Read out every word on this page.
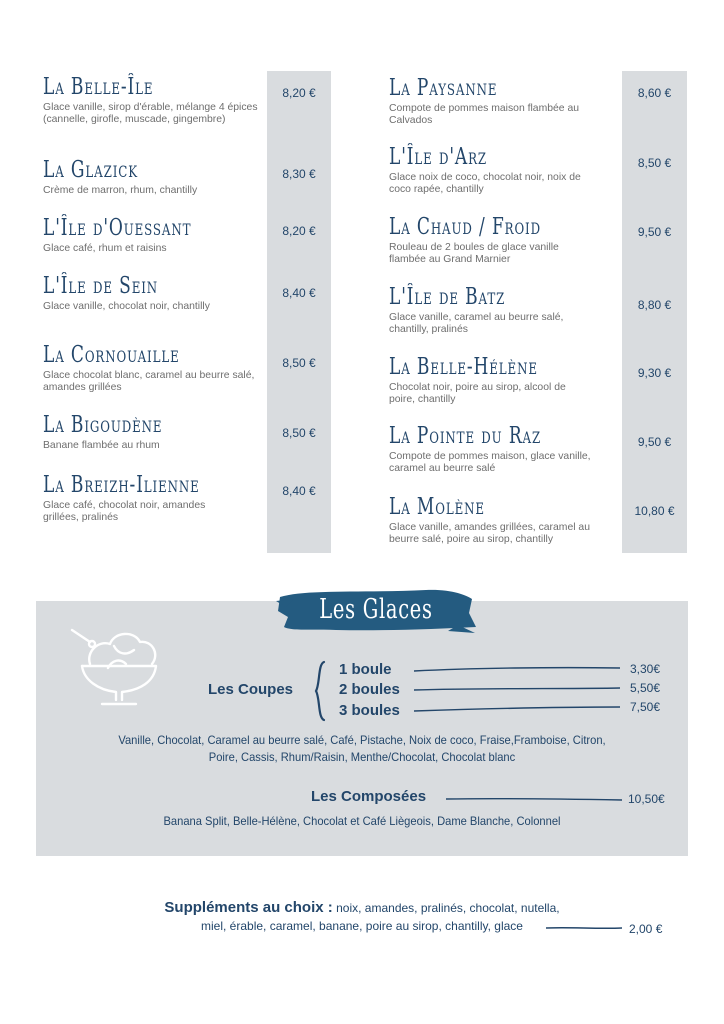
La Belle-Île
Glace vanille, sirop d'érable, mélange 4 épices (cannelle, girofle, muscade, gingembre)
8,20 €
La Glazick
Crème de marron, rhum, chantilly
8,30 €
L'Île d'Ouessant
Glace café, rhum et raisins
8,20 €
L'Île de Sein
Glace vanille, chocolat noir, chantilly
8,40 €
La Cornouaille
Glace chocolat blanc, caramel au beurre salé, amandes grillées
8,50 €
La Bigoudène
Banane flambée au rhum
8,50 €
La Breizh-Ilienne
Glace café, chocolat noir, amandes grillées, pralinés
8,40 €
La Paysanne
Compote de pommes maison flambée au Calvados
8,60 €
L'Île d'Arz
Glace noix de coco, chocolat noir, noix de coco rapée, chantilly
8,50 €
La Chaud / Froid
Rouleau de 2 boules de glace vanille flambée au Grand Marnier
9,50 €
L'Île de Batz
Glace vanille, caramel au beurre salé, chantilly, pralinés
8,80 €
La Belle-Hélène
Chocolat noir, poire au sirop, alcool de poire, chantilly
9,30 €
La Pointe du Raz
Compote de pommes maison, glace vanille, caramel au beurre salé
9,50 €
La Molène
Glace vanille, amandes grillées, caramel au beurre salé, poire au sirop, chantilly
10,80 €
Les Glaces
Les Coupes
1 boule	3,30€
2 boules	5,50€
3 boules	7,50€
Vanille, Chocolat, Caramel au beurre salé, Café, Pistache, Noix de coco, Fraise,Framboise, Citron,
Poire, Cassis, Rhum/Raisin, Menthe/Chocolat, Chocolat blanc
Les Composées	10,50€
Banana Split, Belle-Hélène, Chocolat et Café Liègeois, Dame Blanche, Colonnel
Suppléments au choix : noix, amandes, pralinés, chocolat, nutella,
miel, érable, caramel, banane, poire au sirop, chantilly, glace	2,00 €
